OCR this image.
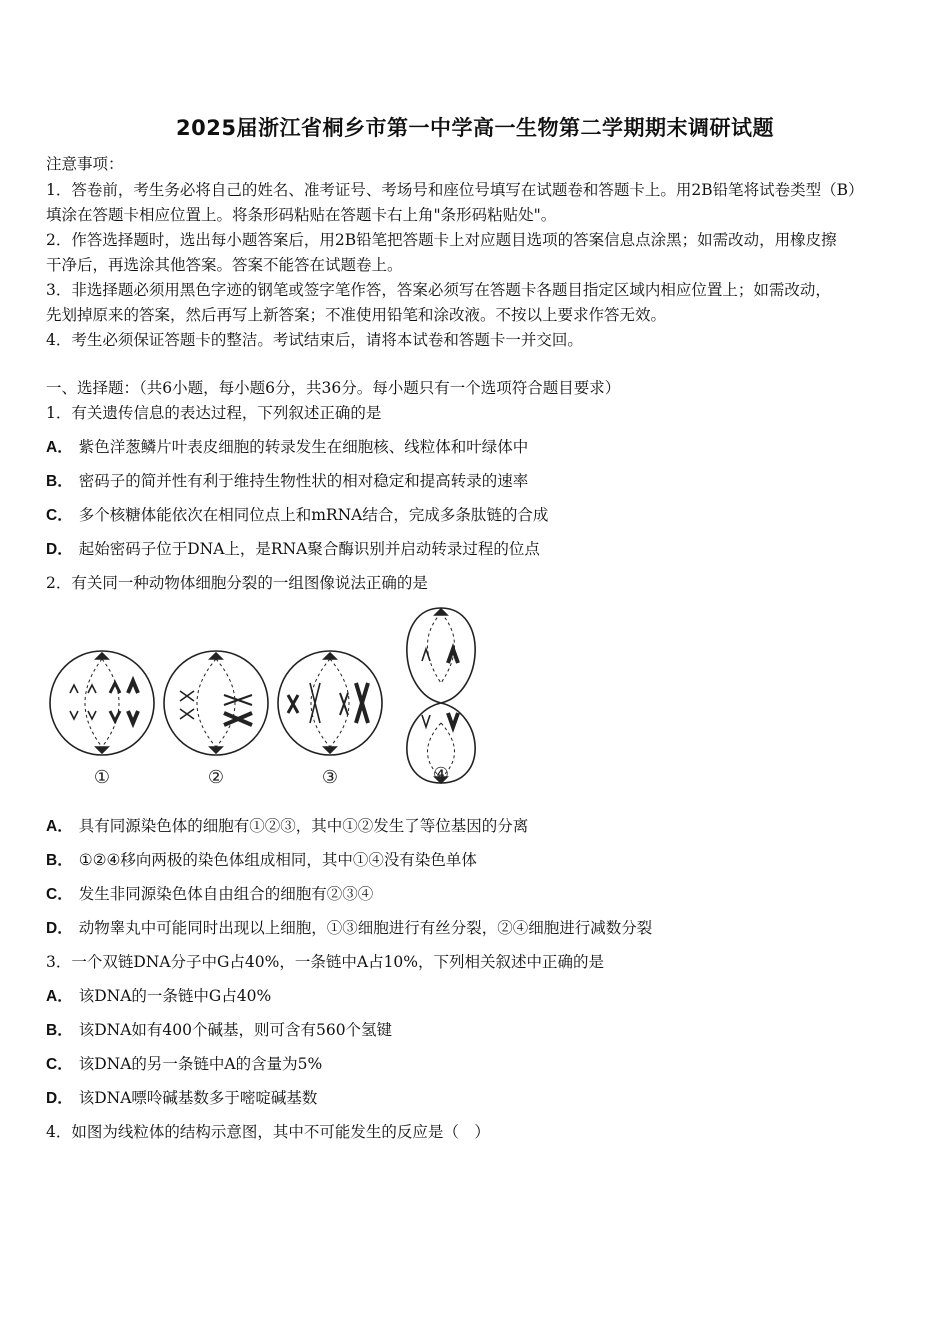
2025届浙江省桐乡市第一中学高一生物第二学期期末调研试题
注意事项：
1．答卷前，考生务必将自己的姓名、准考证号、考场号和座位号填写在试题卷和答题卡上。用2B铅笔将试卷类型（B）
填涂在答题卡相应位置上。将条形码粘贴在答题卡右上角"条形码粘贴处"。
2．作答选择题时，选出每小题答案后，用2B铅笔把答题卡上对应题目选项的答案信息点涂黑；如需改动，用橡皮擦
干净后，再选涂其他答案。答案不能答在试题卷上。
3．非选择题必须用黑色字迹的钢笔或签字笔作答，答案必须写在答题卡各题目指定区域内相应位置上；如需改动，
先划掉原来的答案，然后再写上新答案；不准使用铅笔和涂改液。不按以上要求作答无效。
4．考生必须保证答题卡的整洁。考试结束后，请将本试卷和答题卡一并交回。
一、选择题：（共6小题，每小题6分，共36分。每小题只有一个选项符合题目要求）
1．有关遗传信息的表达过程，下列叙述正确的是
A． 紫色洋葱鳞片叶表皮细胞的转录发生在细胞核、线粒体和叶绿体中
B． 密码子的简并性有利于维持生物性状的相对稳定和提高转录的速率
C． 多个核糖体能依次在相同位点上和mRNA结合，完成多条肽链的合成
D． 起始密码子位于DNA上，是RNA聚合酶识别并启动转录过程的位点
2．有关同一种动物体细胞分裂的一组图像说法正确的是
①	②	③	④
A． 具有同源染色体的细胞有①②③，其中①②发生了等位基因的分离
B． ①②④移向两极的染色体组成相同，其中①④没有染色单体
C． 发生非同源染色体自由组合的细胞有②③④
D． 动物睾丸中可能同时出现以上细胞，①③细胞进行有丝分裂，②④细胞进行减数分裂
3．一个双链DNA分子中G占40%，一条链中A占10%，下列相关叙述中正确的是
A． 该DNA的一条链中G占40%
B． 该DNA如有400个碱基，则可含有560个氢键
C． 该DNA的另一条链中A的含量为5%
D． 该DNA嘌呤碱基数多于嘧啶碱基数
4．如图为线粒体的结构示意图，其中不可能发生的反应是（　）
